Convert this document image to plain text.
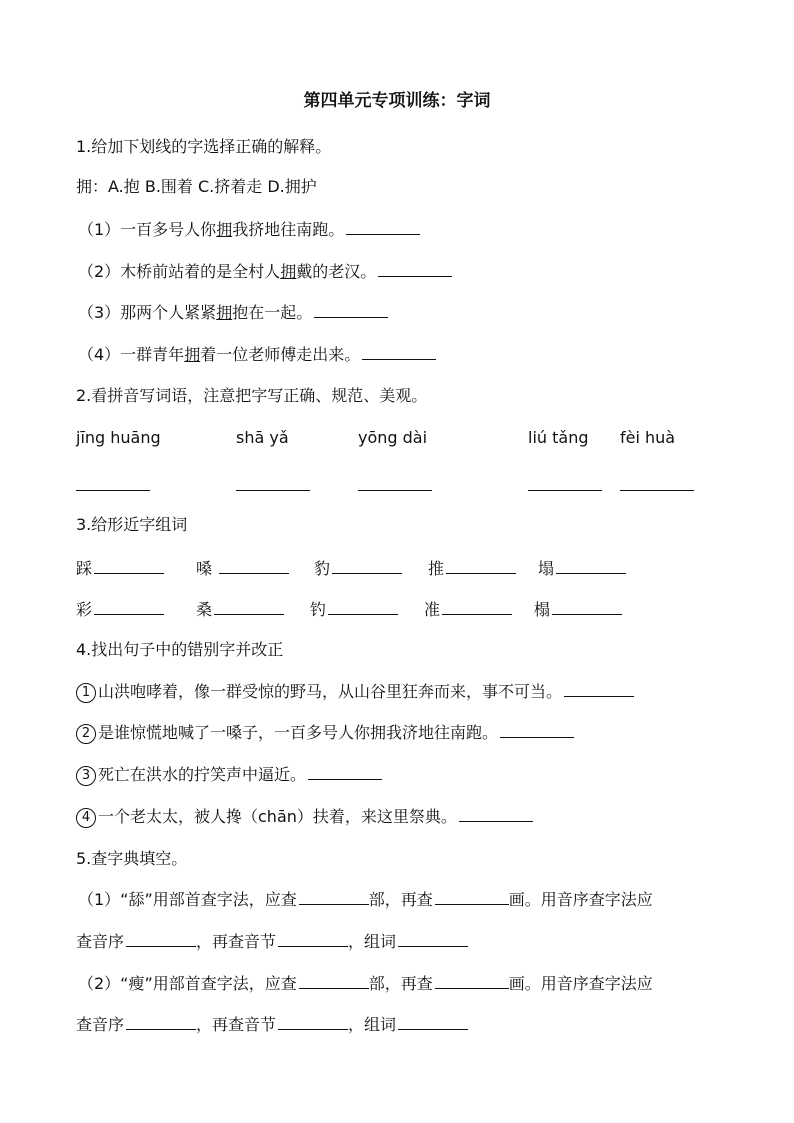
第四单元专项训练：字词
1.给加下划线的字选择正确的解释。
拥：A.抱 B.围着 C.挤着走 D.拥护
（1）一百多号人你拥我挤地往南跑。
（2）木桥前站着的是全村人拥戴的老汉。
（3）那两个人紧紧拥抱在一起。
（4）一群青年拥着一位老师傅走出来。
2.看拼音写词语，注意把字写正确、规范、美观。
jīng huāng	shā yǎ	yōng dài	liú tǎng fèi huà
3.给形近字组词
踩	嗓	豹	推	塌
彩	桑	钓	准	榻
4.找出句子中的错别字并改正
1 山洪咆哮着，像一群受惊的野马，从山谷里狂奔而来，事不可当。
2 是谁惊慌地喊了一嗓子，一百多号人你拥我济地往南跑。
3 死亡在洪水的拧笑声中逼近。
4 一个老太太，被人搀（chān）扶着，来这里祭典。
5.查字典填空。
（1）“舔”用部首查字法，应查	部，再查	画。用音序查字法应
查音序	，再查音节	，组词
（2）“瘦”用部首查字法，应查	部，再查	画。用音序查字法应
查音序	，再查音节	，组词
